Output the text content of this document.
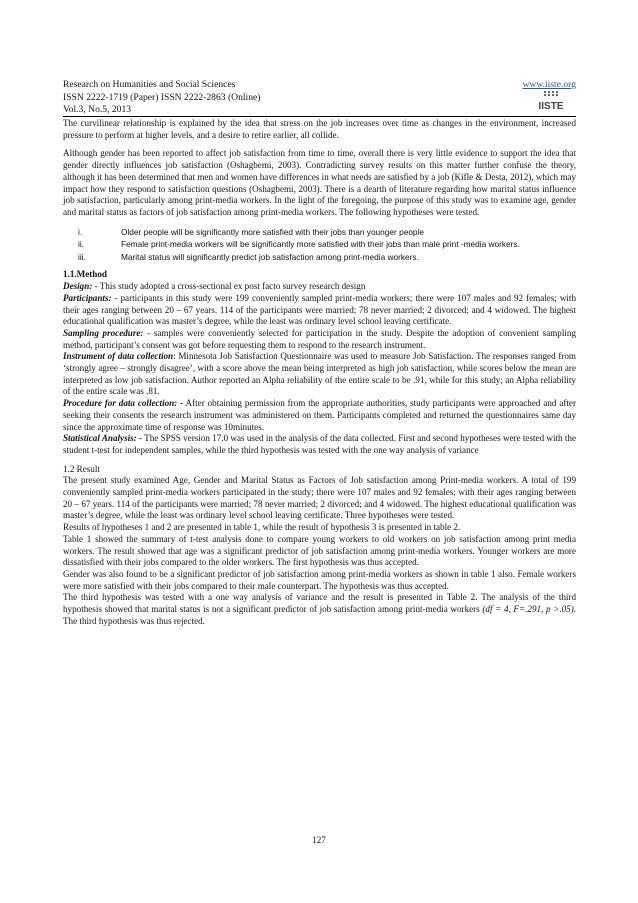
Research on Humanities and Social Sciences	www.iiste.org
ISSN 2222-1719 (Paper) ISSN 2222-2863 (Online)
Vol.3, No.5, 2013	IISTE

The curvilinear relationship is explained by the idea that stress on the job increases over time as changes in the environment, increased pressure to perform at higher levels, and a desire to retire earlier, all collide.

Although gender has been reported to affect job satisfaction from time to time, overall there is very little evidence to support the idea that gender directly influences job satisfaction (Oshagbemi, 2003). Contradicting survey results on this matter further confuse the theory, although it has been determined that men and women have differences in what needs are satisfied by a job (Kifle & Desta, 2012), which may impact how they respond to satisfaction questions (Oshagbemi, 2003). There is a dearth of literature regarding how marital status influence job satisfaction, particularly among print-media workers. In the light of the foregoing, the purpose of this study was to examine age, gender and marital status as factors of job satisfaction among print-media workers. The following hypotheses were tested.

i.	Older people will be significantly more satisfied with their jobs than younger people
ii.	Female print-media workers will be significantly more satisfied with their jobs than male print -media workers.
iii.	Marital status will significantly predict job satisfaction among print-media workers.

1.1.Method

Design: - This study adopted a cross-sectional ex post facto survey research design

Participants: - participants in this study were 199 conveniently sampled print-media workers; there were 107 males and 92 females; with their ages ranging between 20 – 67 years. 114 of the participants were married; 78 never married; 2 divorced; and 4 widowed. The highest educational qualification was master’s degree, while the least was ordinary level school leaving certificate.

Sampling procedure: - samples were conveniently selected for participation in the study. Despite the adoption of convenient sampling method, participant’s consent was got before requesting them to respond to the research instrument.

Instrument of data collection: Minnesota Job Satisfaction Questionnaire was used to measure Job Satisfaction. The responses ranged from ‘strongly agree – strongly disagree’, with a score above the mean being interpreted as high job satisfaction, while scores below the mean are interpreted as low job satisfaction. Author reported an Alpha reliability of the entire scale to be .91, while for this study; an Alpha reliability of the entire scale was .81.

Procedure for data collection: - After obtaining permission from the appropriate authorities, study participants were approached and after seeking their consents the research instrument was administered on them. Participants completed and returned the questionnaires same day since the approximate time of response was 10minutes.

Statistical Analysis: - The SPSS version 17.0 was used in the analysis of the data collected. First and second hypotheses were tested with the student t-test for independent samples, while the third hypothesis was tested with the one way analysis of variance

1.2 Result

The present study examined Age, Gender and Marital Status as Factors of Job satisfaction among Print-media workers. A total of 199 conveniently sampled print-media workers participated in the study; there were 107 males and 92 females; with their ages ranging between 20 – 67 years. 114 of the participants were married; 78 never married; 2 divorced; and 4 widowed. The highest educational qualification was master’s degree, while the least was ordinary level school leaving certificate. Three hypotheses were tested.

Results of hypotheses 1 and 2 are presented in table 1, while the result of hypothesis 3 is presented in table 2.

Table 1 showed the summary of t-test analysis done to compare young workers to old workers on job satisfaction among print media workers. The result showed that age was a significant predictor of job satisfaction among print-media workers. Younger workers are more dissatisfied with their jobs compared to the older workers. The first hypothesis was thus accepted.

Gender was also found to be a significant predictor of job satisfaction among print-media workers as shown in table 1 also. Female workers were more satisfied with their jobs compared to their male counterpart. The hypothesis was thus accepted.

The third hypothesis was tested with a one way analysis of variance and the result is presented in Table 2. The analysis of the third hypothesis showed that marital status is not a significant predictor of job satisfaction among print-media workers (df = 4, F=.291, p >.05). The third hypothesis was thus rejected.

127
